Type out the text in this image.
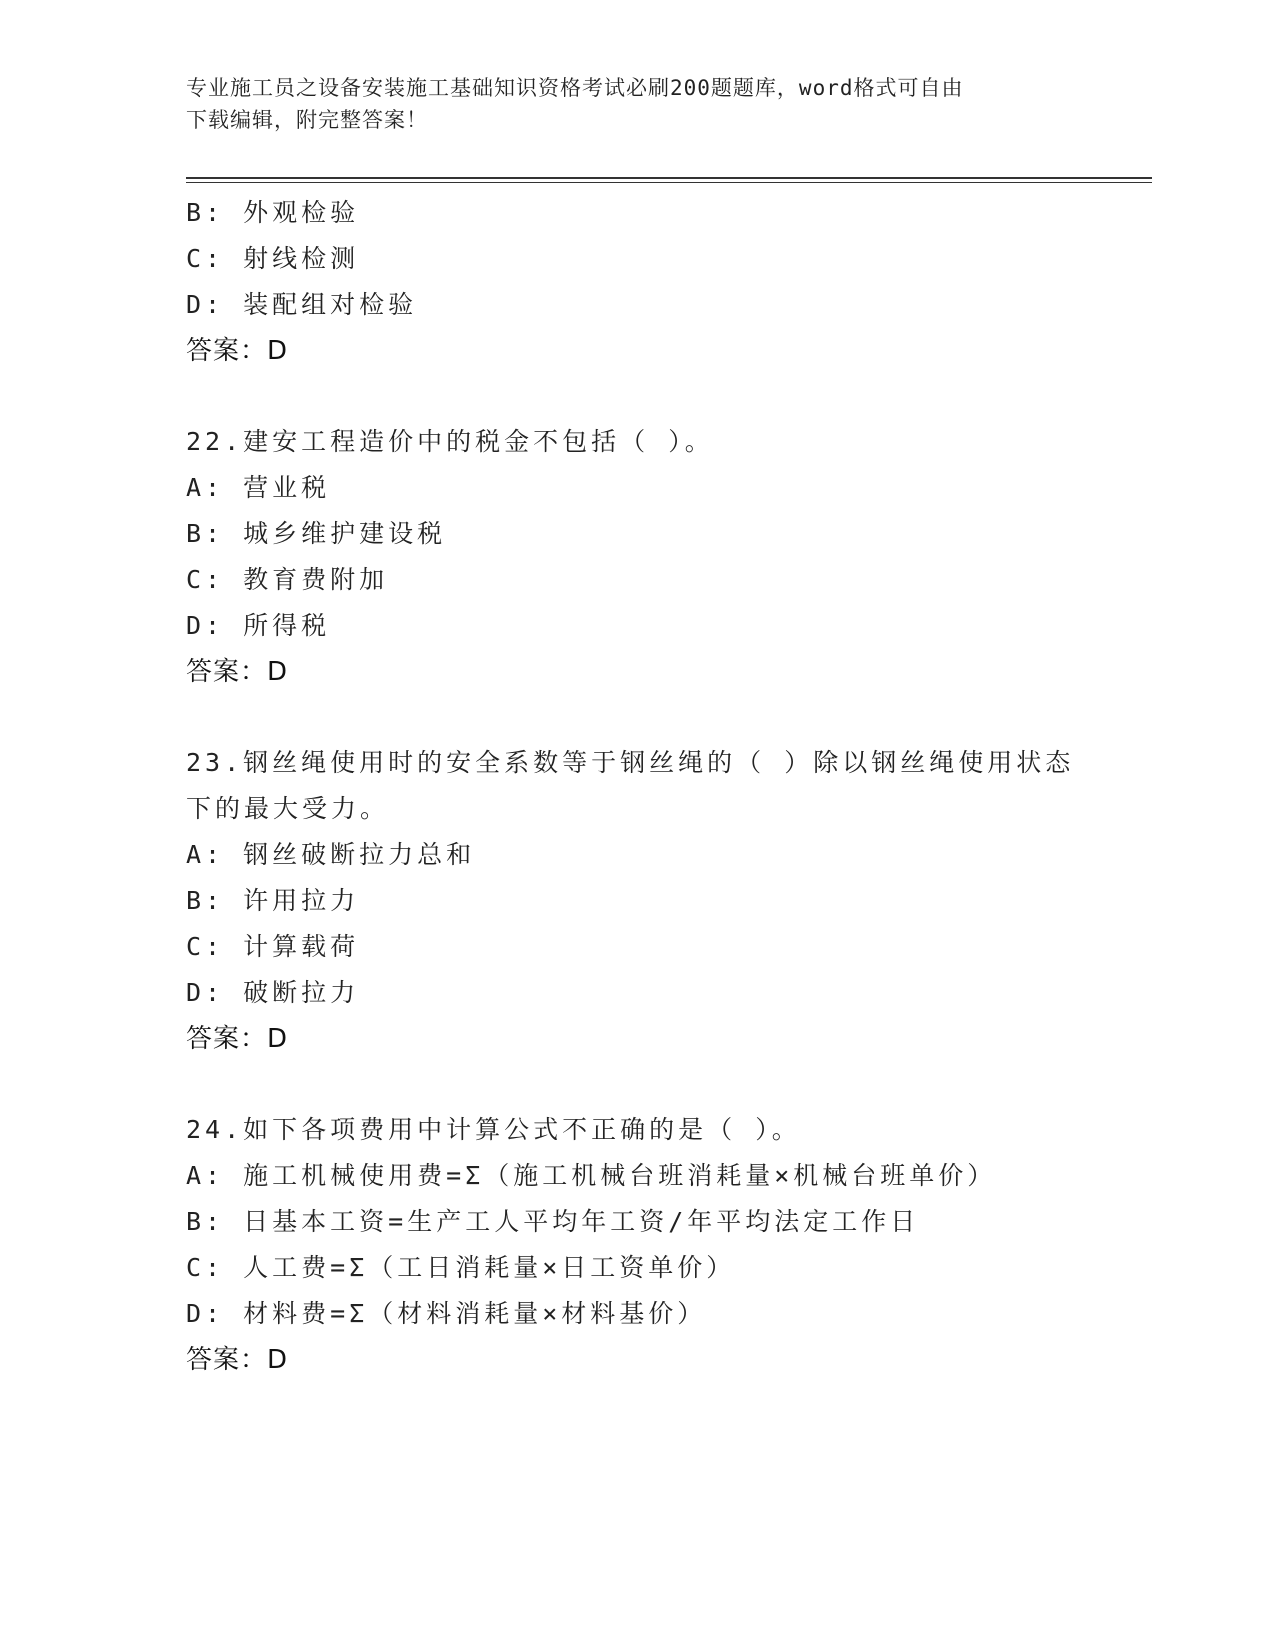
专业施工员之设备安装施工基础知识资格考试必刷200题题库，word格式可自由
下载编辑，附完整答案！
B: 外观检验
C: 射线检测
D: 装配组对检验
答案：D
22.建安工程造价中的税金不包括（ ）。
A: 营业税
B: 城乡维护建设税
C: 教育费附加
D: 所得税
答案：D
23.钢丝绳使用时的安全系数等于钢丝绳的（ ）除以钢丝绳使用状态
下的最大受力。
A: 钢丝破断拉力总和
B: 许用拉力
C: 计算载荷
D: 破断拉力
答案：D
24.如下各项费用中计算公式不正确的是（ ）。
A: 施工机械使用费=Σ（施工机械台班消耗量×机械台班单价）
B: 日基本工资=生产工人平均年工资/年平均法定工作日
C: 人工费=Σ（工日消耗量×日工资单价）
D: 材料费=Σ（材料消耗量×材料基价）
答案：D
